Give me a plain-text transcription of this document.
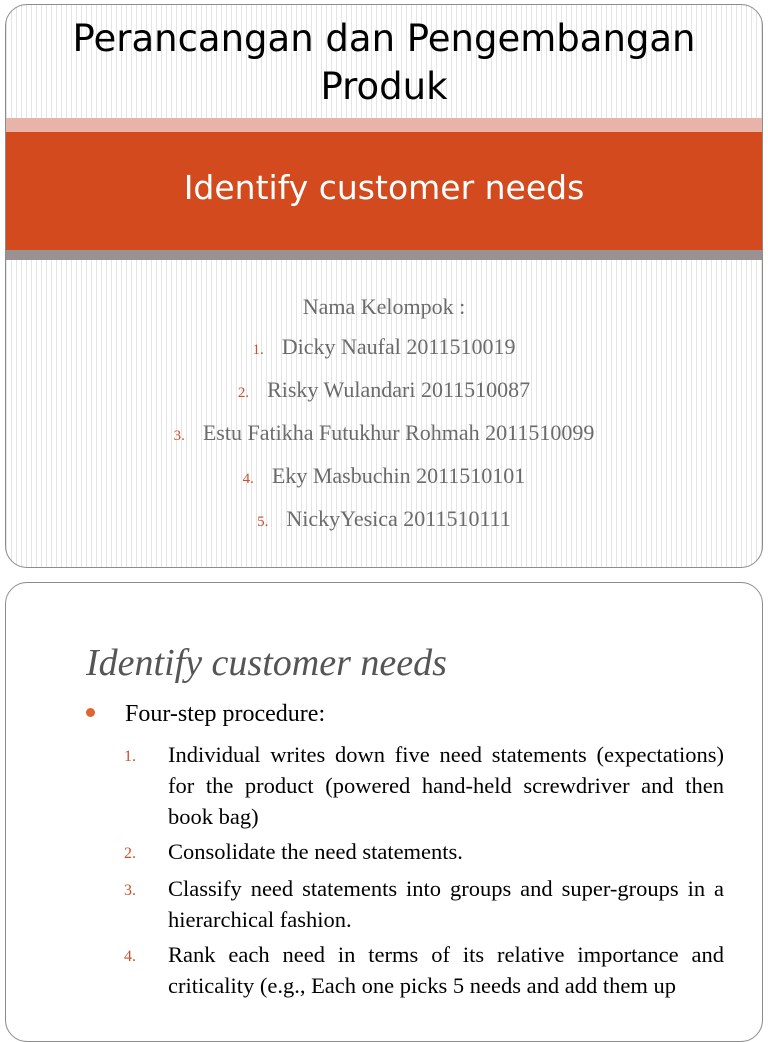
Perancangan dan Pengembangan Produk
Identify customer needs
Nama Kelompok :
1. Dicky Naufal 2011510019
2. Risky Wulandari 2011510087
3. Estu Fatikha Futukhur Rohmah 2011510099
4. Eky Masbuchin 2011510101
5. NickyYesica 2011510111
Identify customer needs
Four-step procedure:
1.	Individual writes down five need statements (expectations) for the product (powered hand-held screwdriver and then book bag)
2.	Consolidate the need statements.
3.	Classify need statements into groups and super-groups in a hierarchical fashion.
4.	Rank each need in terms of its relative importance and criticality (e.g., Each one picks 5 needs and add them up
